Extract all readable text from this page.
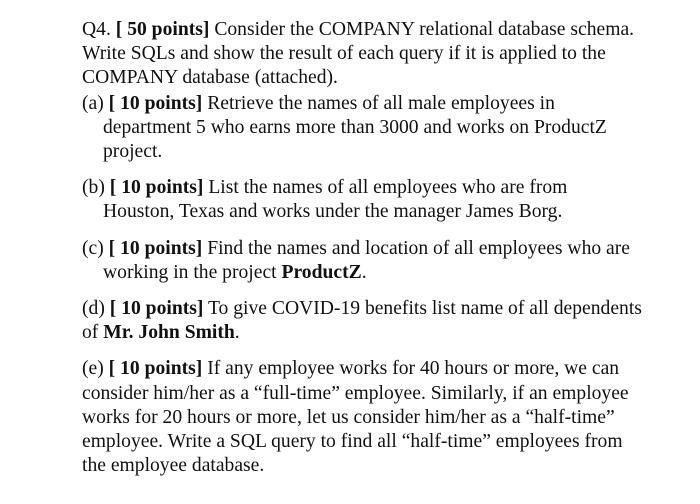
Q4. [ 50 points] Consider the COMPANY relational database schema. Write SQLs and show the result of each query if it is applied to the COMPANY database (attached).

(a) [ 10 points] Retrieve the names of all male employees in department 5 who earns more than 3000 and works on ProductZ project.

(b) [ 10 points] List the names of all employees who are from Houston, Texas and works under the manager James Borg.

(c) [ 10 points] Find the names and location of all employees who are working in the project ProductZ.

(d) [ 10 points] To give COVID-19 benefits list name of all dependents of Mr. John Smith.

(e) [ 10 points] If any employee works for 40 hours or more, we can consider him/her as a “full-time” employee. Similarly, if an employee works for 20 hours or more, let us consider him/her as a “half-time” employee. Write a SQL query to find all “half-time” employees from the employee database.
